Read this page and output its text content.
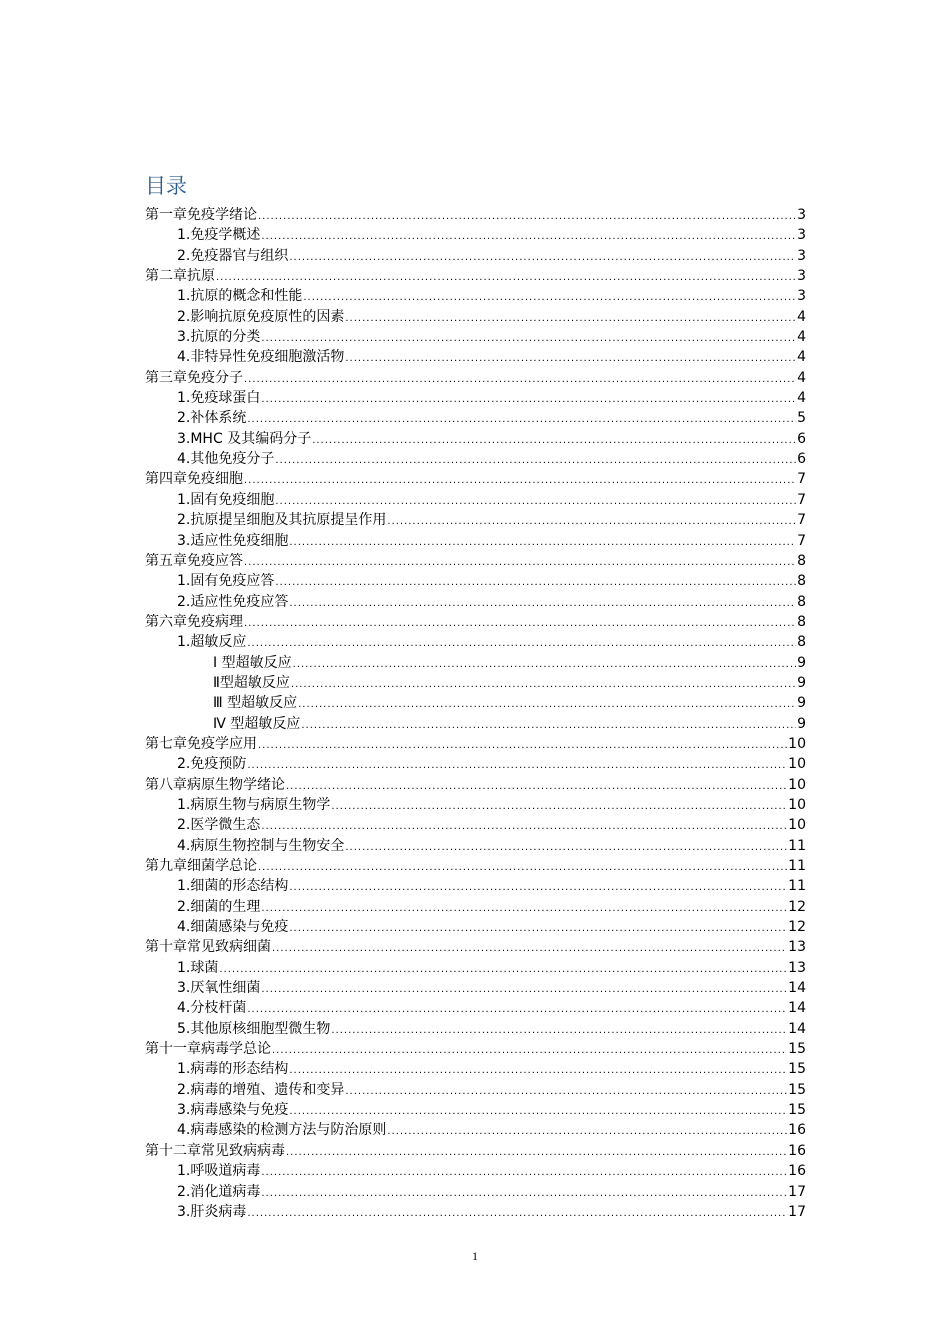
目录
第一章免疫学绪论 .....	3
1.免疫学概述 .....	3
2.免疫器官与组织 .....	3
第二章抗原 .....	3
1.抗原的概念和性能 .....	3
2.影响抗原免疫原性的因素 .....	4
3.抗原的分类 .....	4
4.非特异性免疫细胞激活物 .....	4
第三章免疫分子 .....	4
1.免疫球蛋白 .....	4
2.补体系统 .....	5
3.MHC 及其编码分子 .....	6
4.其他免疫分子 .....	6
第四章免疫细胞 .....	7
1.固有免疫细胞 .....	7
2.抗原提呈细胞及其抗原提呈作用 .....	7
3.适应性免疫细胞 .....	7
第五章免疫应答 .....	8
1.固有免疫应答 .....	8
2.适应性免疫应答 .....	8
第六章免疫病理 .....	8
1.超敏反应 .....	8
Ⅰ 型超敏反应 .....	9
Ⅱ型超敏反应 .....	9
Ⅲ 型超敏反应 .....	9
Ⅳ 型超敏反应 .....	9
第七章免疫学应用 .....	10
2.免疫预防 .....	10
第八章病原生物学绪论 .....	10
1.病原生物与病原生物学 .....	10
2.医学微生态 .....	10
4.病原生物控制与生物安全 .....	11
第九章细菌学总论 .....	11
1.细菌的形态结构 .....	11
2.细菌的生理 .....	12
4.细菌感染与免疫 .....	12
第十章常见致病细菌 .....	13
1.球菌 .....	13
3.厌氧性细菌 .....	14
4.分枝杆菌 .....	14
5.其他原核细胞型微生物 .....	14
第十一章病毒学总论 .....	15
1.病毒的形态结构 .....	15
2.病毒的增殖、遗传和变异 .....	15
3.病毒感染与免疫 .....	15
4.病毒感染的检测方法与防治原则 .....	16
第十二章常见致病病毒 .....	16
1.呼吸道病毒 .....	16
2.消化道病毒 .....	17
3.肝炎病毒 .....	17
1
